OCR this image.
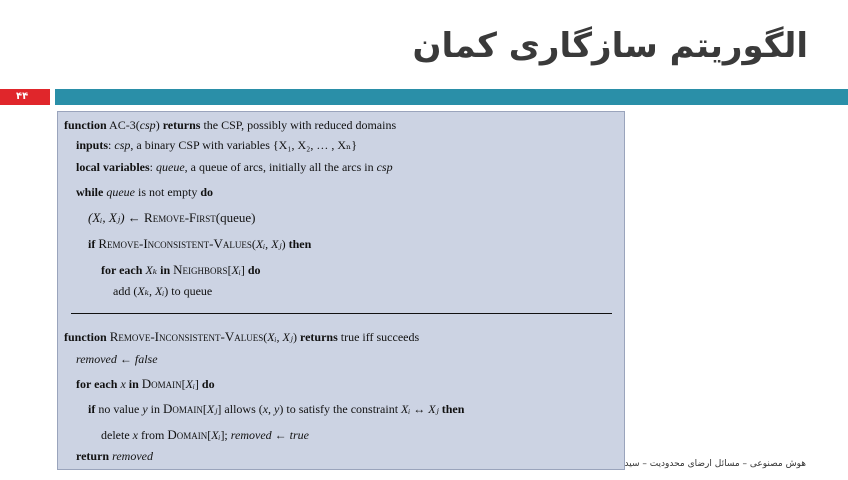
الگوریتم سازگاری کمان
۴۴
function AC-3(csp) returns the CSP, possibly with reduced domains
inputs: csp, a binary CSP with variables {X₁, X₂, … , Xₙ}
local variables: queue, a queue of arcs, initially all the arcs in csp
while queue is not empty do
(Xᵢ, Xⱼ) ← Remove-First(queue)
if Remove-Inconsistent-Values(Xᵢ, Xⱼ) then
for each Xₖ in Neighbors[Xᵢ] do
add (Xₖ, Xᵢ) to queue
function Remove-Inconsistent-Values(Xᵢ, Xⱼ) returns true iff succeeds
removed ← false
for each x in Domain[Xᵢ] do
if no value y in Domain[Xⱼ] allows (x, y) to satisfy the constraint Xᵢ ↔ Xⱼ then
delete x from Domain[Xᵢ]; removed ← true
return removed
هوش مصنوعی – مسائل ارضای محدودیت – سید
